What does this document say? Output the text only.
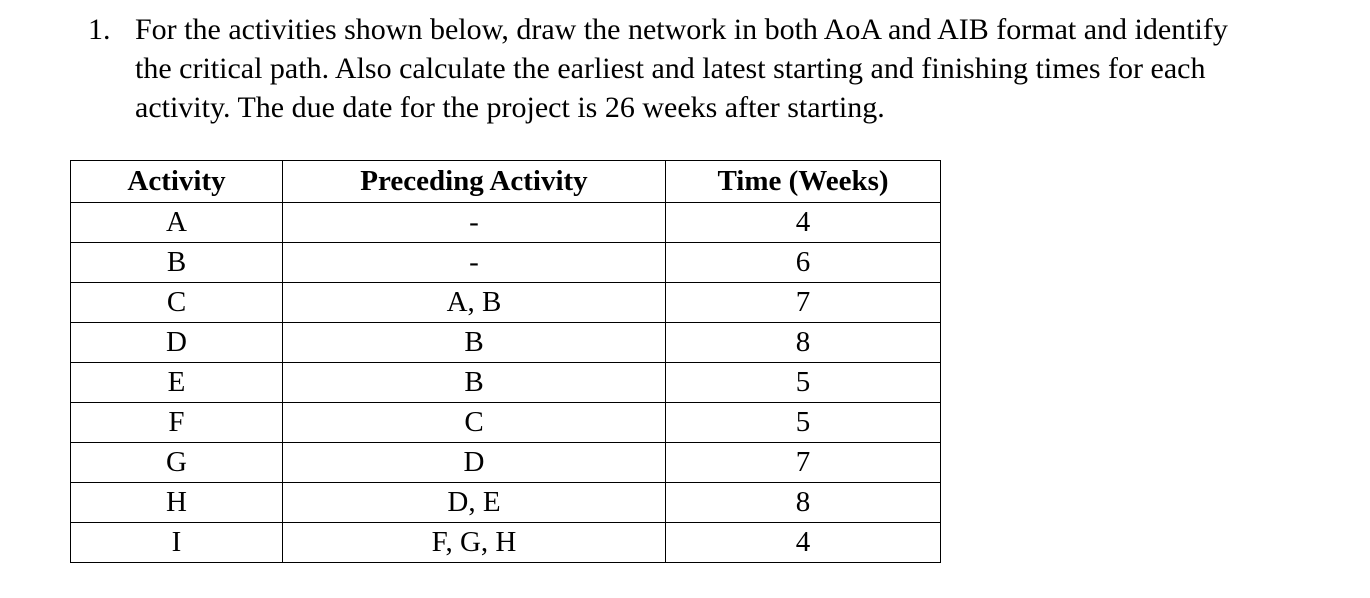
1. For the activities shown below, draw the network in both AoA and AIB format and identify
the critical path. Also calculate the earliest and latest starting and finishing times for each
activity. The due date for the project is 26 weeks after starting.
Activity	Preceding Activity	Time (Weeks)
A	-	4
B	-	6
C	A, B	7
D	B	8
E	B	5
F	C	5
G	D	7
H	D, E	8
I	F, G, H	4
